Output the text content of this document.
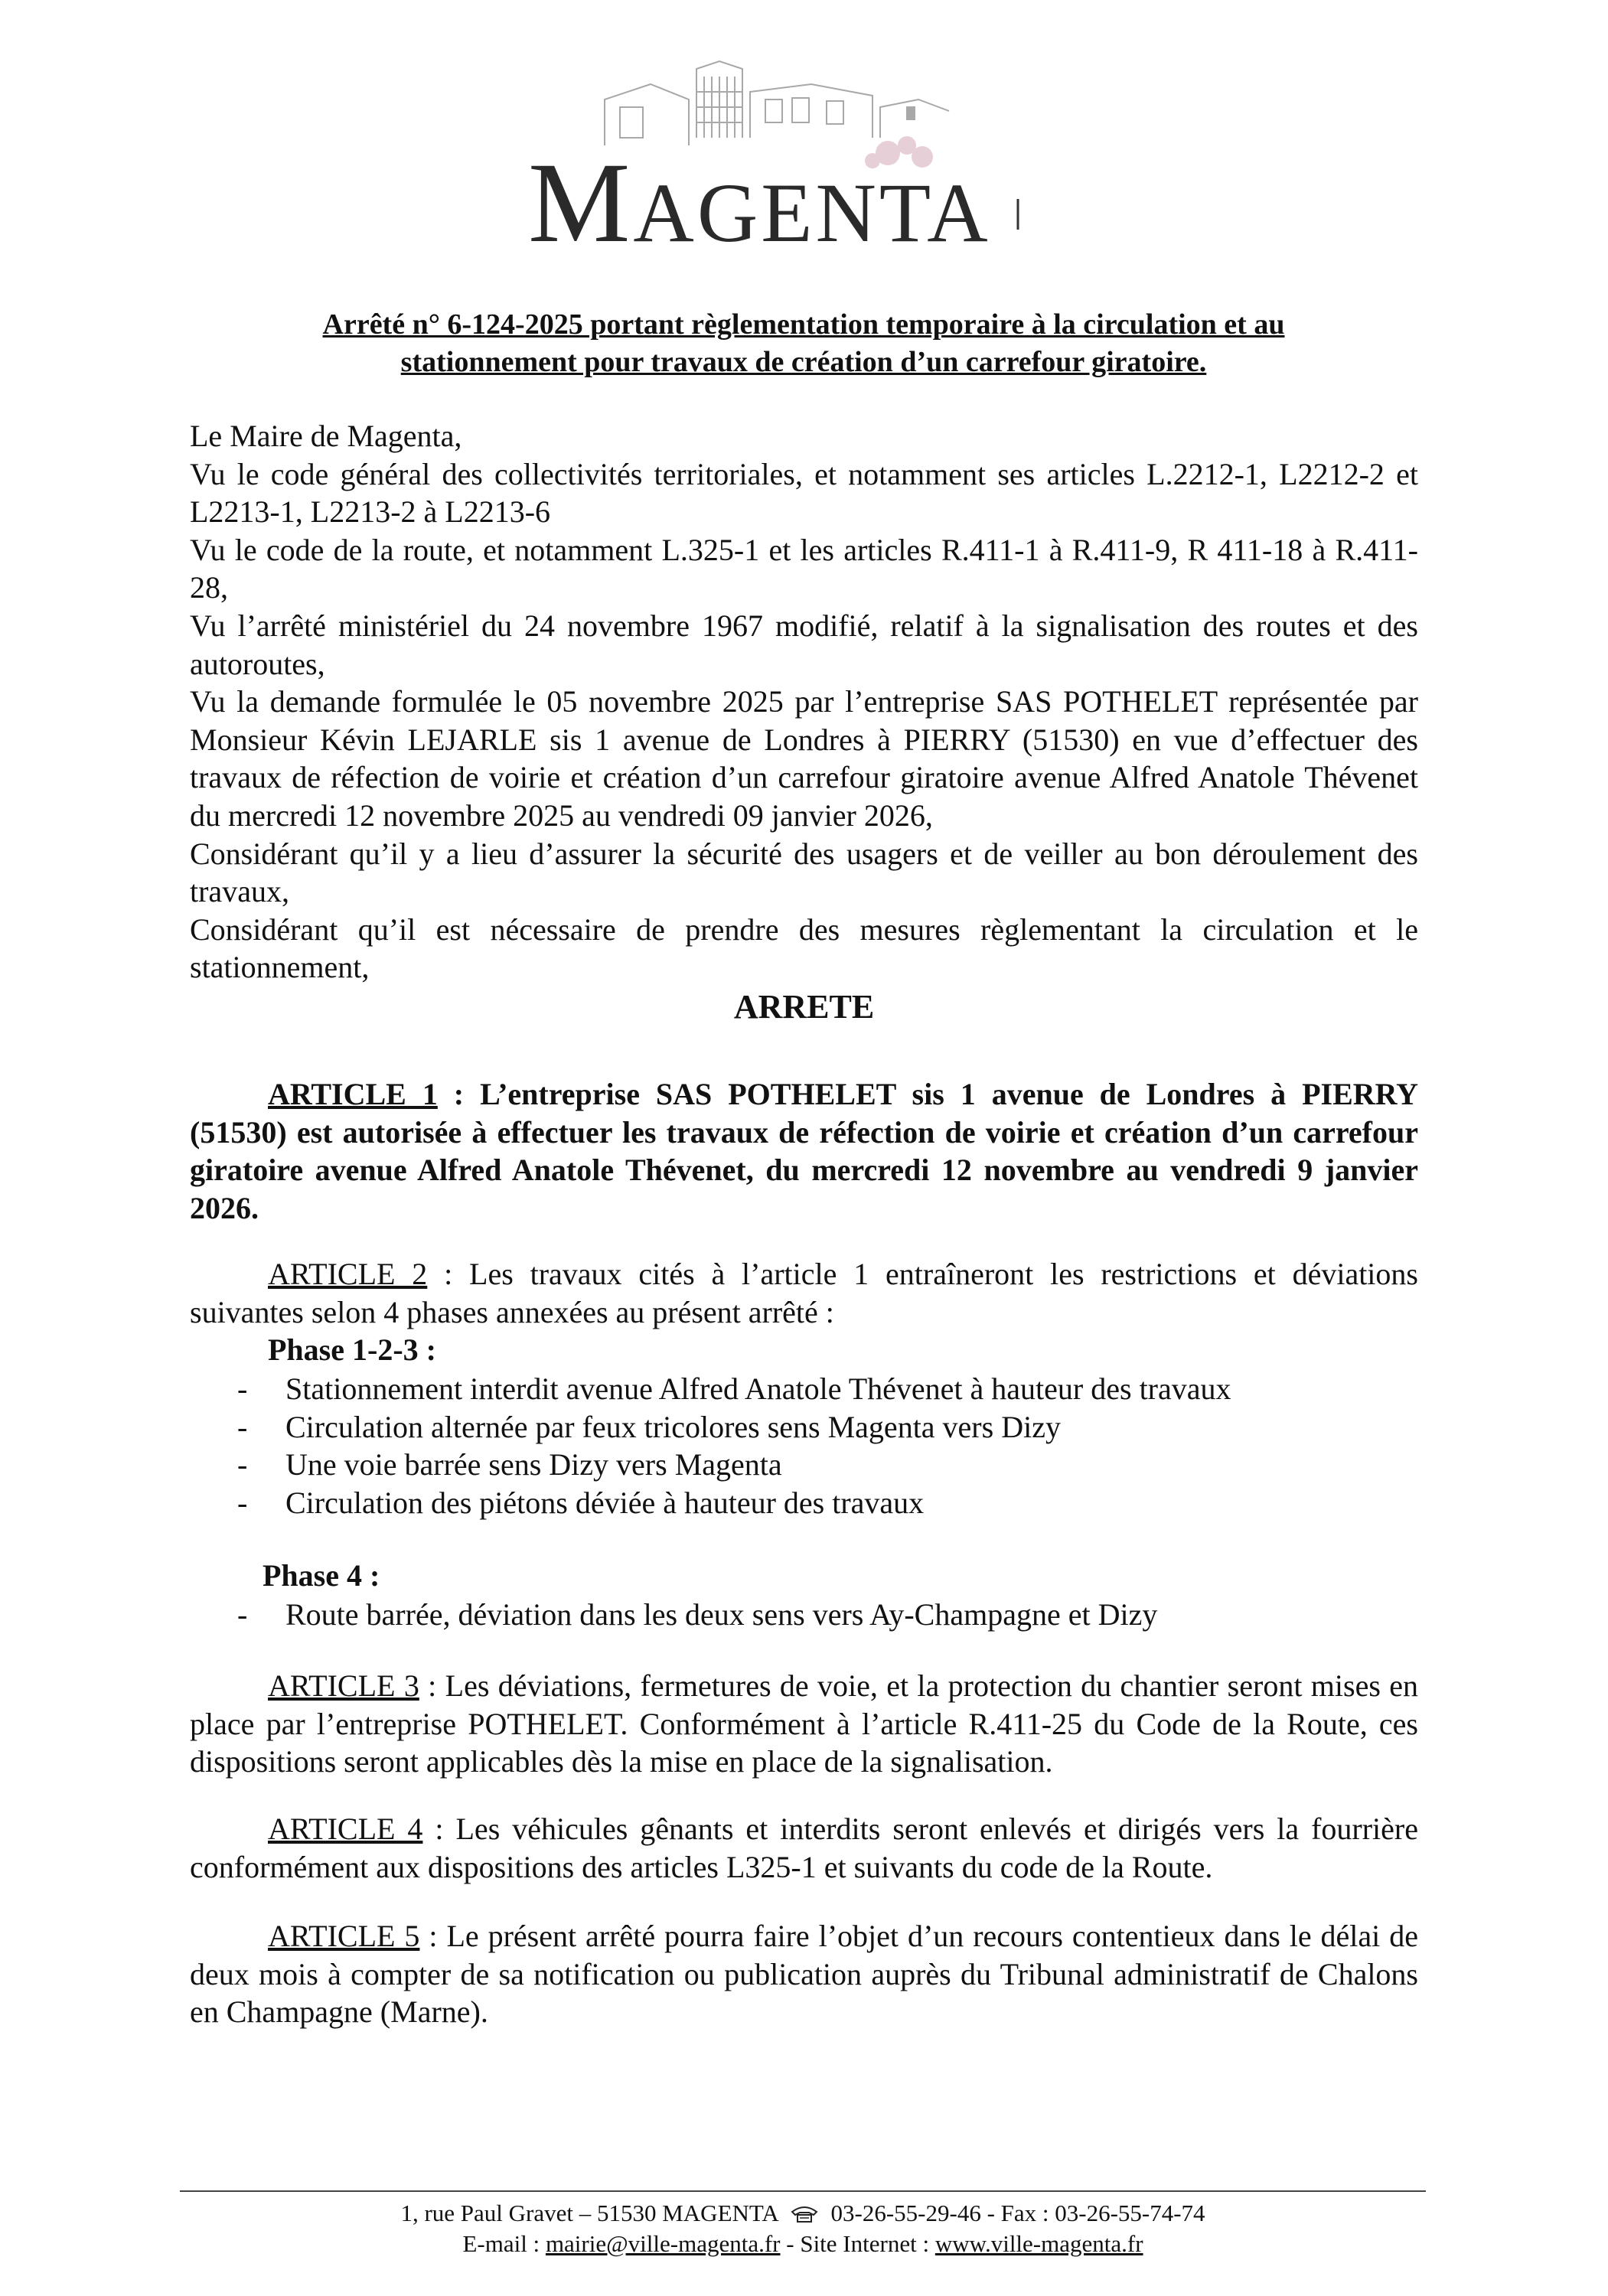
MAGENTA
Arrêté n° 6-124-2025 portant règlementation temporaire à la circulation et au
stationnement pour travaux de création d’un carrefour giratoire.

Le Maire de Magenta,

Vu le code général des collectivités territoriales, et notamment ses articles L.2212-1, L2212-2 et L2213-1, L2213-2 à L2213-6

Vu le code de la route, et notamment L.325-1 et les articles R.411-1 à R.411-9, R 411-18 à R.411-28,

Vu l’arrêté ministériel du 24 novembre 1967 modifié, relatif à la signalisation des routes et des autoroutes,

Vu la demande formulée le 05 novembre 2025 par l’entreprise SAS POTHELET représentée par Monsieur Kévin LEJARLE sis 1 avenue de Londres à PIERRY (51530) en vue d’effectuer des travaux de réfection de voirie et création d’un carrefour giratoire avenue Alfred Anatole Thévenet du mercredi 12 novembre 2025 au vendredi 09 janvier 2026,

Considérant qu’il y a lieu d’assurer la sécurité des usagers et de veiller au bon déroulement des travaux,

Considérant qu’il est nécessaire de prendre des mesures règlementant la circulation et le stationnement,

ARRETE
ARTICLE 1 : L’entreprise SAS POTHELET sis 1 avenue de Londres à PIERRY (51530) est autorisée à effectuer les travaux de réfection de voirie et création d’un carrefour giratoire avenue Alfred Anatole Thévenet, du mercredi 12 novembre au vendredi 9 janvier 2026.
ARTICLE 2 : Les travaux cités à l’article 1 entraîneront les restrictions et déviations suivantes selon 4 phases annexées au présent arrêté :
Phase 1-2-3 :
- Stationnement interdit avenue Alfred Anatole Thévenet à hauteur des travaux
- Circulation alternée par feux tricolores sens Magenta vers Dizy
- Une voie barrée sens Dizy vers Magenta
- Circulation des piétons déviée à hauteur des travaux
Phase 4 :
- Route barrée, déviation dans les deux sens vers Ay-Champagne et Dizy
ARTICLE 3 : Les déviations, fermetures de voie, et la protection du chantier seront mises en place par l’entreprise POTHELET. Conformément à l’article R.411-25 du Code de la Route, ces dispositions seront applicables dès la mise en place de la signalisation.
ARTICLE 4 : Les véhicules gênants et interdits seront enlevés et dirigés vers la fourrière conformément aux dispositions des articles L325-1 et suivants du code de la Route.
ARTICLE 5 : Le présent arrêté pourra faire l’objet d’un recours contentieux dans le délai de deux mois à compter de sa notification ou publication auprès du Tribunal administratif de Chalons en Champagne (Marne).
1, rue Paul Gravet – 51530 MAGENTA 03-26-55-29-46 - Fax : 03-26-55-74-74
E-mail : mairie@ville-magenta.fr - Site Internet : www.ville-magenta.fr
